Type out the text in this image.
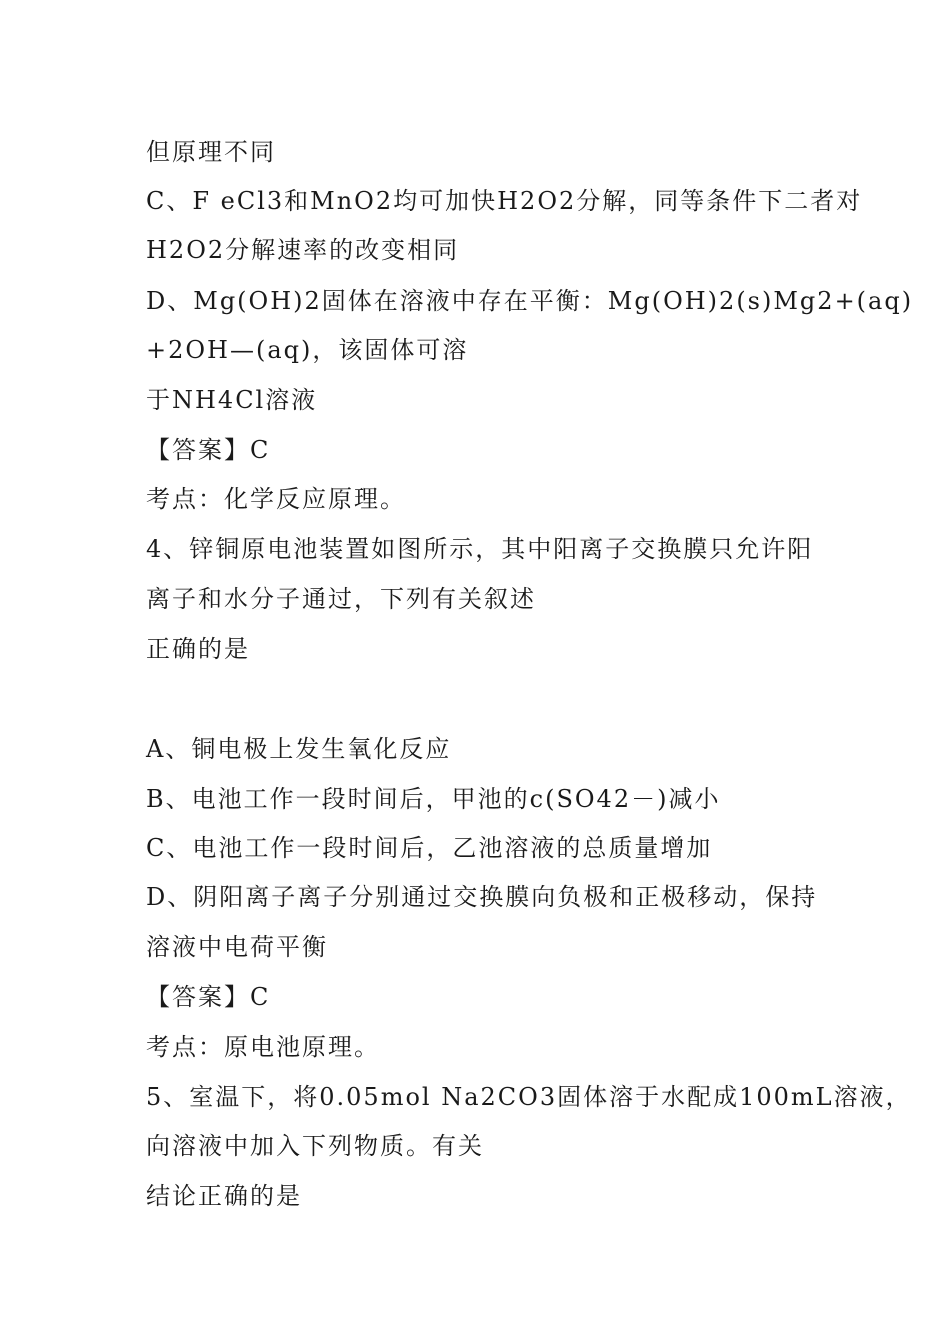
但原理不同

C、F eCl3和MnO2均可加快H2O2分解，同等条件下二者对

H2O2分解速率的改变相同

D、Mg(OH)2固体在溶液中存在平衡：Mg(OH)2(s)Mg2+(aq)

+2OH—(aq)，该固体可溶

于NH4Cl溶液

【答案】C

考点：化学反应原理。

4、锌铜原电池装置如图所示，其中阳离子交换膜只允许阳

离子和水分子通过，下列有关叙述

正确的是

A、铜电极上发生氧化反应

B、电池工作一段时间后，甲池的c(SO42－)减小

C、电池工作一段时间后，乙池溶液的总质量增加

D、阴阳离子离子分别通过交换膜向负极和正极移动，保持

溶液中电荷平衡

【答案】C

考点：原电池原理。

5、室温下，将0.05mol Na2CO3固体溶于水配成100mL溶液，

向溶液中加入下列物质。有关

结论正确的是
